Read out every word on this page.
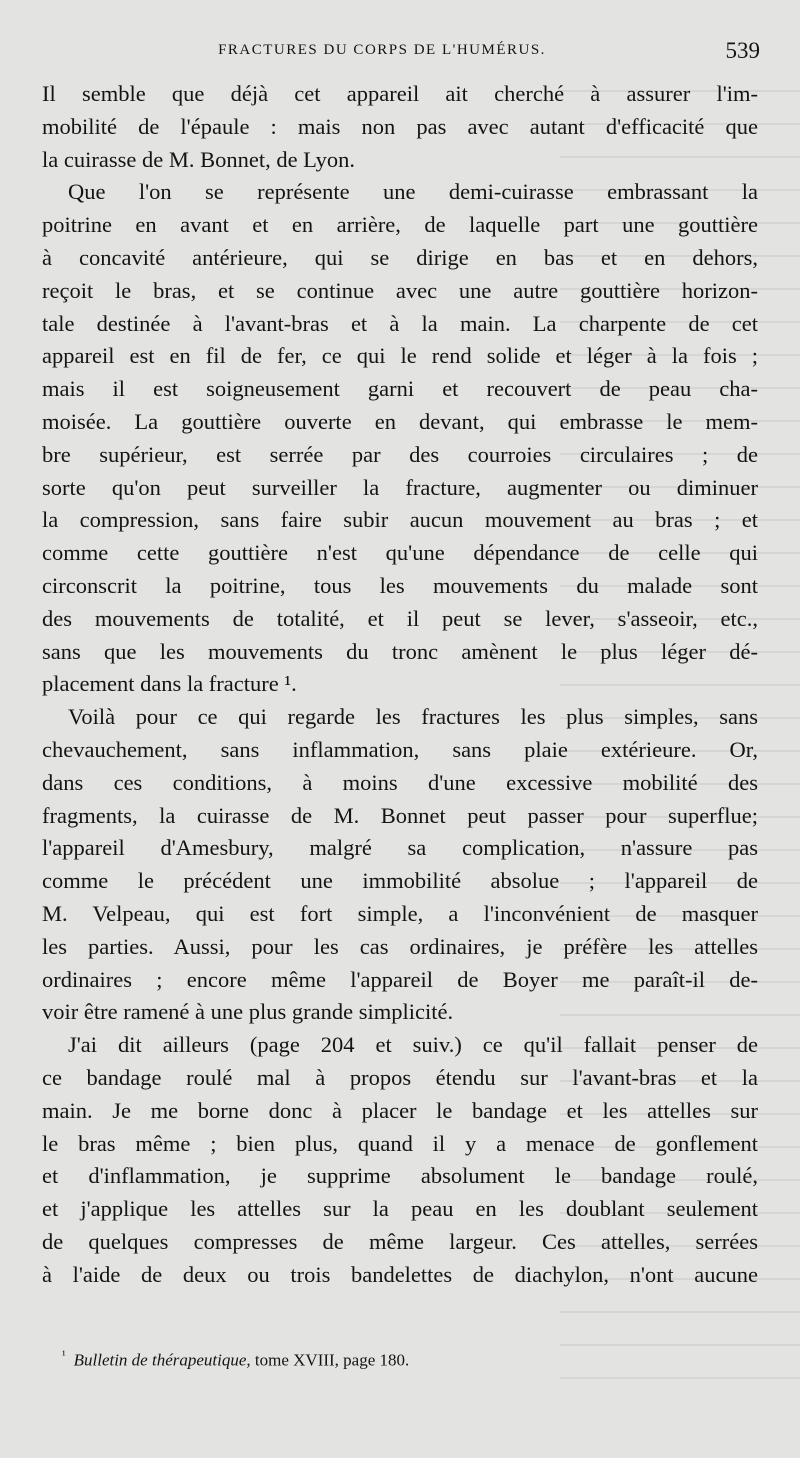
FRACTURES DU CORPS DE L'HUMÉRUS.	539

Il semble que déjà cet appareil ait cherché à assurer l'im-

mobilité de l'épaule : mais non pas avec autant d'efficacité que

la cuirasse de M. Bonnet, de Lyon.

Que l'on se représente une demi-cuirasse embrassant la

poitrine en avant et en arrière, de laquelle part une gouttière

à concavité antérieure, qui se dirige en bas et en dehors,

reçoit le bras, et se continue avec une autre gouttière horizon-

tale destinée à l'avant-bras et à la main. La charpente de cet

appareil est en fil de fer, ce qui le rend solide et léger à la fois ;

mais il est soigneusement garni et recouvert de peau cha-

moisée. La gouttière ouverte en devant, qui embrasse le mem-

bre supérieur, est serrée par des courroies circulaires ; de

sorte qu'on peut surveiller la fracture, augmenter ou diminuer

la compression, sans faire subir aucun mouvement au bras ; et

comme cette gouttière n'est qu'une dépendance de celle qui

circonscrit la poitrine, tous les mouvements du malade sont

des mouvements de totalité, et il peut se lever, s'asseoir, etc.,

sans que les mouvements du tronc amènent le plus léger dé-

placement dans la fracture ¹.

Voilà pour ce qui regarde les fractures les plus simples, sans

chevauchement, sans inflammation, sans plaie extérieure. Or,

dans ces conditions, à moins d'une excessive mobilité des

fragments, la cuirasse de M. Bonnet peut passer pour superflue;

l'appareil d'Amesbury, malgré sa complication, n'assure pas

comme le précédent une immobilité absolue ; l'appareil de

M. Velpeau, qui est fort simple, a l'inconvénient de masquer

les parties. Aussi, pour les cas ordinaires, je préfère les attelles

ordinaires ; encore même l'appareil de Boyer me paraît-il de-

voir être ramené à une plus grande simplicité.

J'ai dit ailleurs (page 204 et suiv.) ce qu'il fallait penser de

ce bandage roulé mal à propos étendu sur l'avant-bras et la

main. Je me borne donc à placer le bandage et les attelles sur

le bras même ; bien plus, quand il y a menace de gonflement

et d'inflammation, je supprime absolument le bandage roulé,

et j'applique les attelles sur la peau en les doublant seulement

de quelques compresses de même largeur. Ces attelles, serrées

à l'aide de deux ou trois bandelettes de diachylon, n'ont aucune

$^{^1}$ Bulletin de thérapeutique, tome XVIII, page 180.
